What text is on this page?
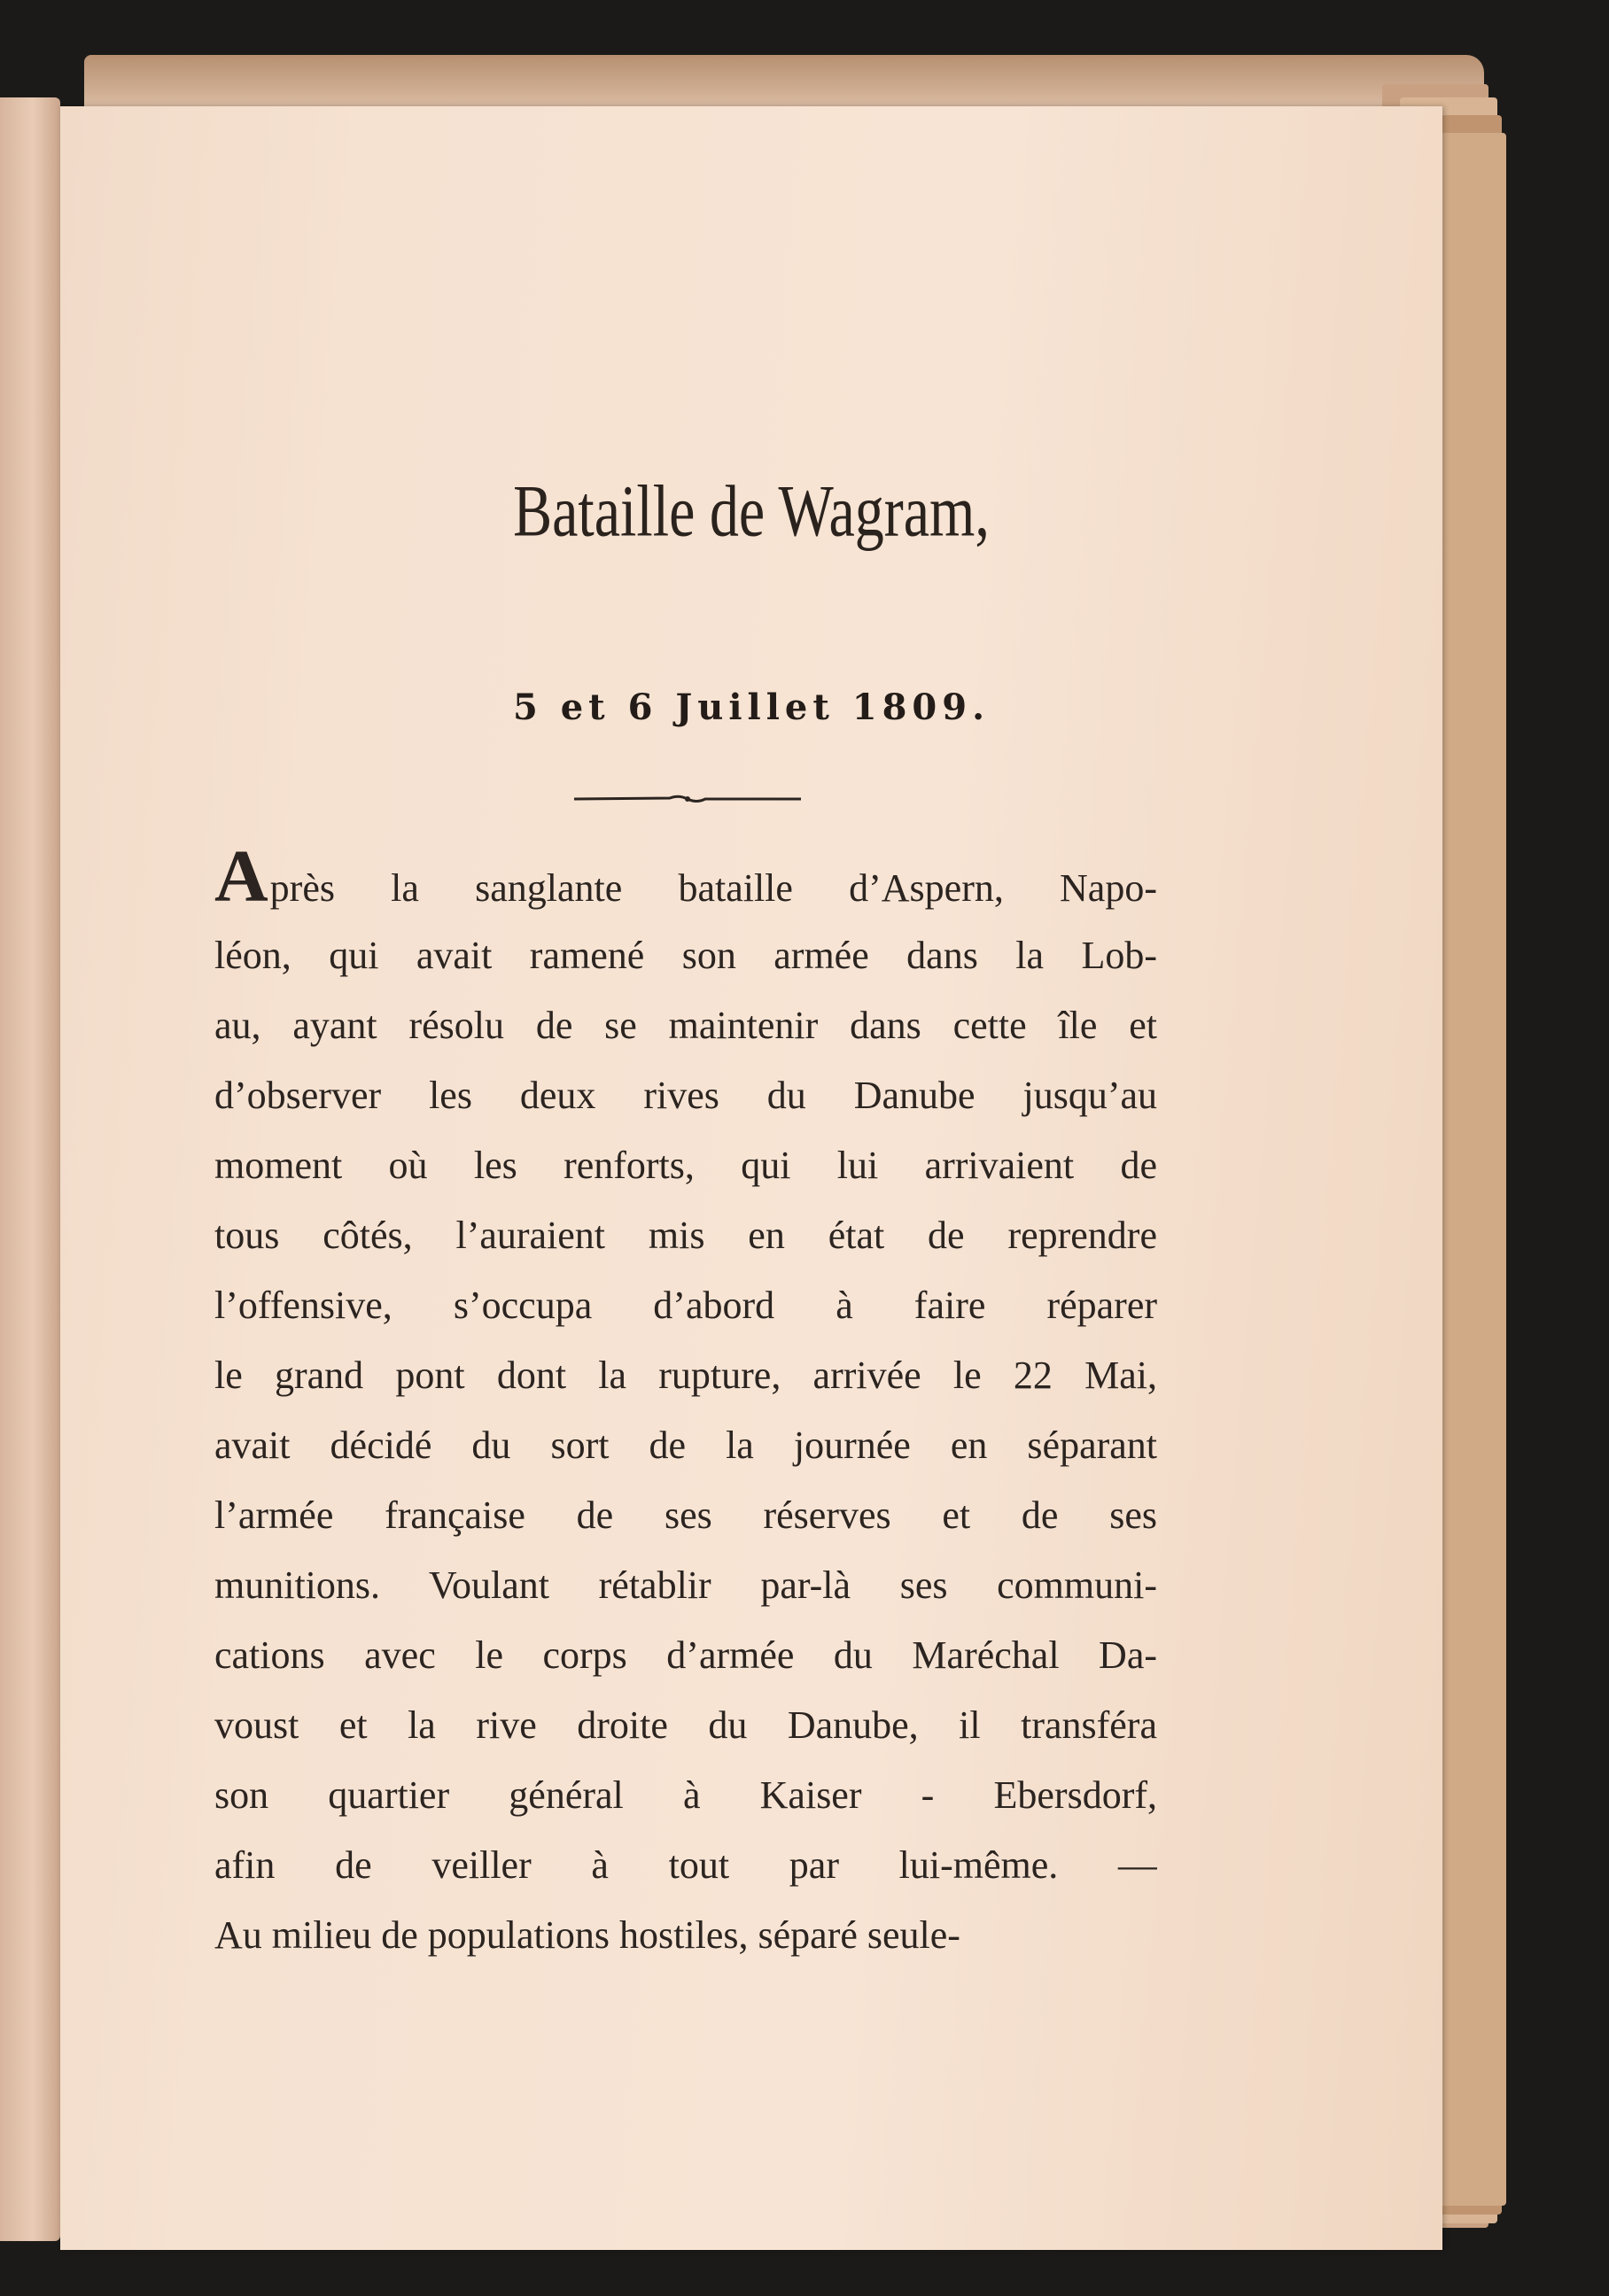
Bataille de Wagram,
5 et 6 Juillet 1809.
Après la sanglante bataille d’Aspern, Napo-
léon, qui avait ramené son armée dans la Lob-
au, ayant résolu de se maintenir dans cette île et
d’observer les deux rives du Danube jusqu’au
moment où les renforts, qui lui arrivaient de
tous côtés, l’auraient mis en état de reprendre
l’offensive, s’occupa d’abord à faire réparer
le grand pont dont la rupture, arrivée le 22 Mai,
avait décidé du sort de la journée en séparant
l’armée française de ses réserves et de ses
munitions. Voulant rétablir par-là ses communi-
cations avec le corps d’armée du Maréchal Da-
voust et la rive droite du Danube, il transféra
son quartier général à Kaiser - Ebersdorf,
afin de veiller à tout par lui-même. —
Au milieu de populations hostiles, séparé seule-
